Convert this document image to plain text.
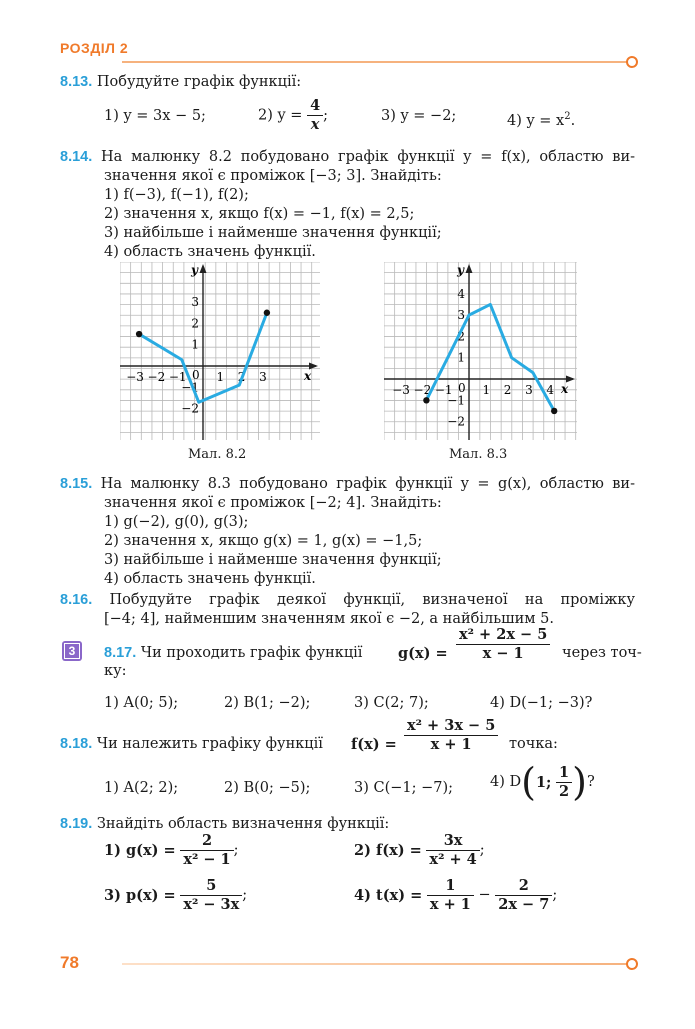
РОЗДІЛ 2
8.13. Побудуйте графік функції:
1) y = 3x − 5;	2) $y = \frac{4}{x}$ ;	3) y = −2;	4) $y = x^2$.
8.14. На малюнку 8.2 побудовано графік функції y = f(x), областю ви-
значення якої є проміжок [−3; 3]. Знайдіть:
1) f(−3), f(−1), f(2);
2) значення x, якщо f(x) = −1, f(x) = 2,5;
3) найбільше і найменше значення функції;
4) область значень функції.
x
y
0
−3 −2 −1 1 2 3
3
2
1
−1
−2
Мал. 8.2
x
y
0
−3 −2 −1 1 2 3 4
4
3
2
1
−1
−2
Мал. 8.3
8.15. На малюнку 8.3 побудовано графік функції y = g(x), областю ви-
значення якої є проміжок [−2; 4]. Знайдіть:
1) g(−2), g(0), g(3);
2) значення x, якщо g(x) = 1, g(x) = −1,5;
3) найбільше і найменше значення функції;
4) область значень функції.
8.16. Побудуйте графік деякої функції, визначеної на проміжку
[−4; 4], найменшим значенням якої є −2, а найбільшим 5.
3	8.17. Чи проходить графік функції $g(x) = \frac{\text{x² + 2x − 5}}{x - 1}$ через точ-
ку:
1) A(0; 5);	2) B(1; −2);	3) C(2; 7);	4) D(−1; −3)?
8.18. Чи належить графіку функції $f(x) = \frac{\text{x² + 3x − 5}}{x + 1}$ точка:
1) A(2; 2);	2) B(0; −5);	3) C(−1; −7);	4) D(1; $\frac{1}{2}$ )?
8.19. Знайдіть область визначення функції:
1) $g(x) = \frac{2}{\text{x² − 1}}$ ;	2) $f(x) = \frac{3x}{\text{x² + 4}}$ ;
3) $p(x) = \frac{5}{\text{x² − 3x}}$ ;	4) $t(x) = \frac{1}{x + 1} - \frac{2}{2x - 7}$ ;
78
